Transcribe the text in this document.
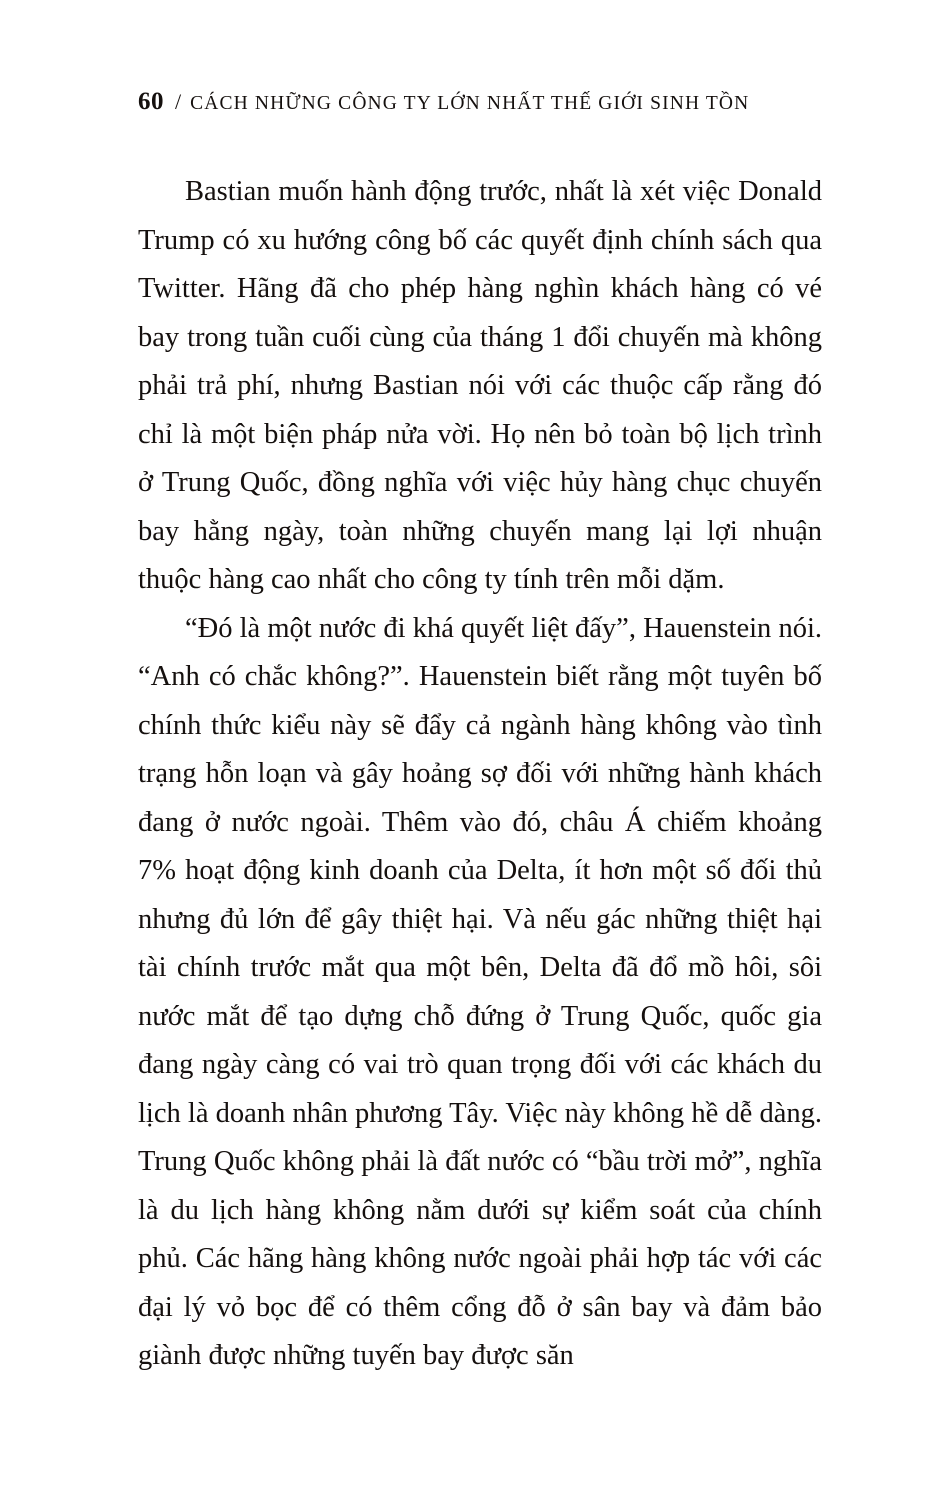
60 / CÁCH NHỮNG CÔNG TY LỚN NHẤT THẾ GIỚI SINH TỒN

Bastian muốn hành động trước, nhất là xét việc Donald Trump có xu hướng công bố các quyết định chính sách qua Twitter. Hãng đã cho phép hàng nghìn khách hàng có vé bay trong tuần cuối cùng của tháng 1 đổi chuyến mà không phải trả phí, nhưng Bastian nói với các thuộc cấp rằng đó chỉ là một biện pháp nửa vời. Họ nên bỏ toàn bộ lịch trình ở Trung Quốc, đồng nghĩa với việc hủy hàng chục chuyến bay hằng ngày, toàn những chuyến mang lại lợi nhuận thuộc hàng cao nhất cho công ty tính trên mỗi dặm.

“Đó là một nước đi khá quyết liệt đấy”, Hauenstein nói. “Anh có chắc không?”. Hauenstein biết rằng một tuyên bố chính thức kiểu này sẽ đẩy cả ngành hàng không vào tình trạng hỗn loạn và gây hoảng sợ đối với những hành khách đang ở nước ngoài. Thêm vào đó, châu Á chiếm khoảng 7% hoạt động kinh doanh của Delta, ít hơn một số đối thủ nhưng đủ lớn để gây thiệt hại. Và nếu gác những thiệt hại tài chính trước mắt qua một bên, Delta đã đổ mồ hôi, sôi nước mắt để tạo dựng chỗ đứng ở Trung Quốc, quốc gia đang ngày càng có vai trò quan trọng đối với các khách du lịch là doanh nhân phương Tây. Việc này không hề dễ dàng. Trung Quốc không phải là đất nước có “bầu trời mở”, nghĩa là du lịch hàng không nằm dưới sự kiểm soát của chính phủ. Các hãng hàng không nước ngoài phải hợp tác với các đại lý vỏ bọc để có thêm cổng đỗ ở sân bay và đảm bảo giành được những tuyến bay được săn
